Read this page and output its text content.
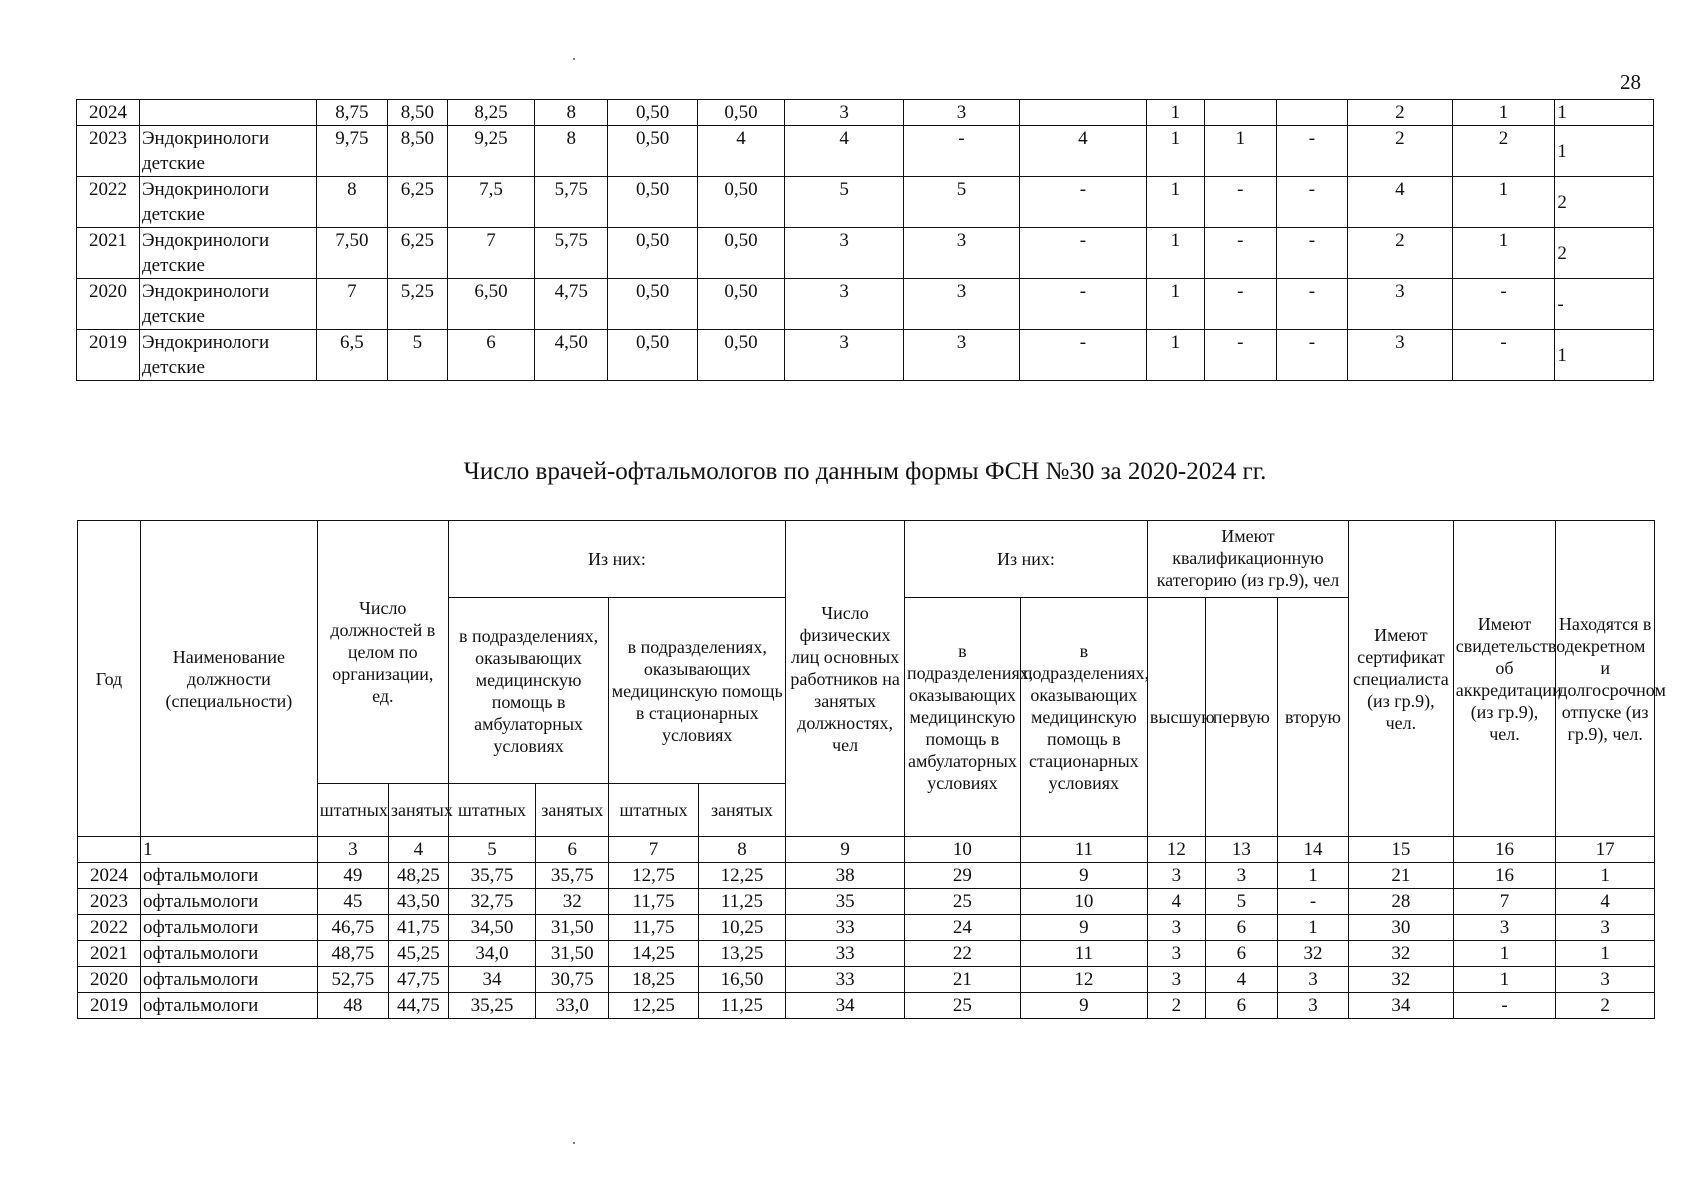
28
2024		8,75	8,50	8,25	8	0,50	0,50	3	3		1			2	1	1
2023	Эндокринологи детские	9,75	8,50	9,25	8	0,50	4	4	-	4	1	1	-	2	2	1
2022	Эндокринологи детские	8	6,25	7,5	5,75	0,50	0,50	5	5	-	1	-	-	4	1	2
2021	Эндокринологи детские	7,50	6,25	7	5,75	0,50	0,50	3	3	-	1	-	-	2	1	2
2020	Эндокринологи детские	7	5,25	6,50	4,75	0,50	0,50	3	3	-	1	-	-	3	-	-
2019	Эндокринологи детские	6,5	5	6	4,50	0,50	0,50	3	3	-	1	-	-	3	-	1
Число врачей-офтальмологов по данным формы ФСН №30 за 2020-2024 гг.
Год	Наименование должности (специальности)	Число должностей в целом по организации, ед.		Из них:				Число физических лиц основных работников на занятых должностях, чел	Из них:		Имеют квалификационную категорию (из гр.9), чел			Имеют сертификат специалиста (из гр.9), чел.	Имеют свидетельство об аккредитации (из гр.9), чел.	Находятся в декретном и долгосрочном отпуске (из гр.9), чел.
				в подразделениях, оказывающих медицинскую помощь в амбулаторных условиях		в подразделениях, оказывающих медицинскую помощь в стационарных условиях			в подразделениях, оказывающих медицинскую помощь в амбулаторных условиях	в подразделениях, оказывающих медицинскую помощь в стационарных условиях	высшую	первую	вторую			
		штатных	занятых	штатных	занятых	штатных	занятых									
	1	3	4	5	6	7	8	9	10	11	12	13	14	15	16	17
2024	офтальмологи	49	48,25	35,75	35,75	12,75	12,25	38	29	9	3	3	1	21	16	1
2023	офтальмологи	45	43,50	32,75	32	11,75	11,25	35	25	10	4	5	-	28	7	4
2022	офтальмологи	46,75	41,75	34,50	31,50	11,75	10,25	33	24	9	3	6	1	30	3	3
2021	офтальмологи	48,75	45,25	34,0	31,50	14,25	13,25	33	22	11	3	6	32	32	1	1
2020	офтальмологи	52,75	47,75	34	30,75	18,25	16,50	33	21	12	3	4	3	32	1	3
2019	офтальмологи	48	44,75	35,25	33,0	12,25	11,25	34	25	9	2	6	3	34	-	2
